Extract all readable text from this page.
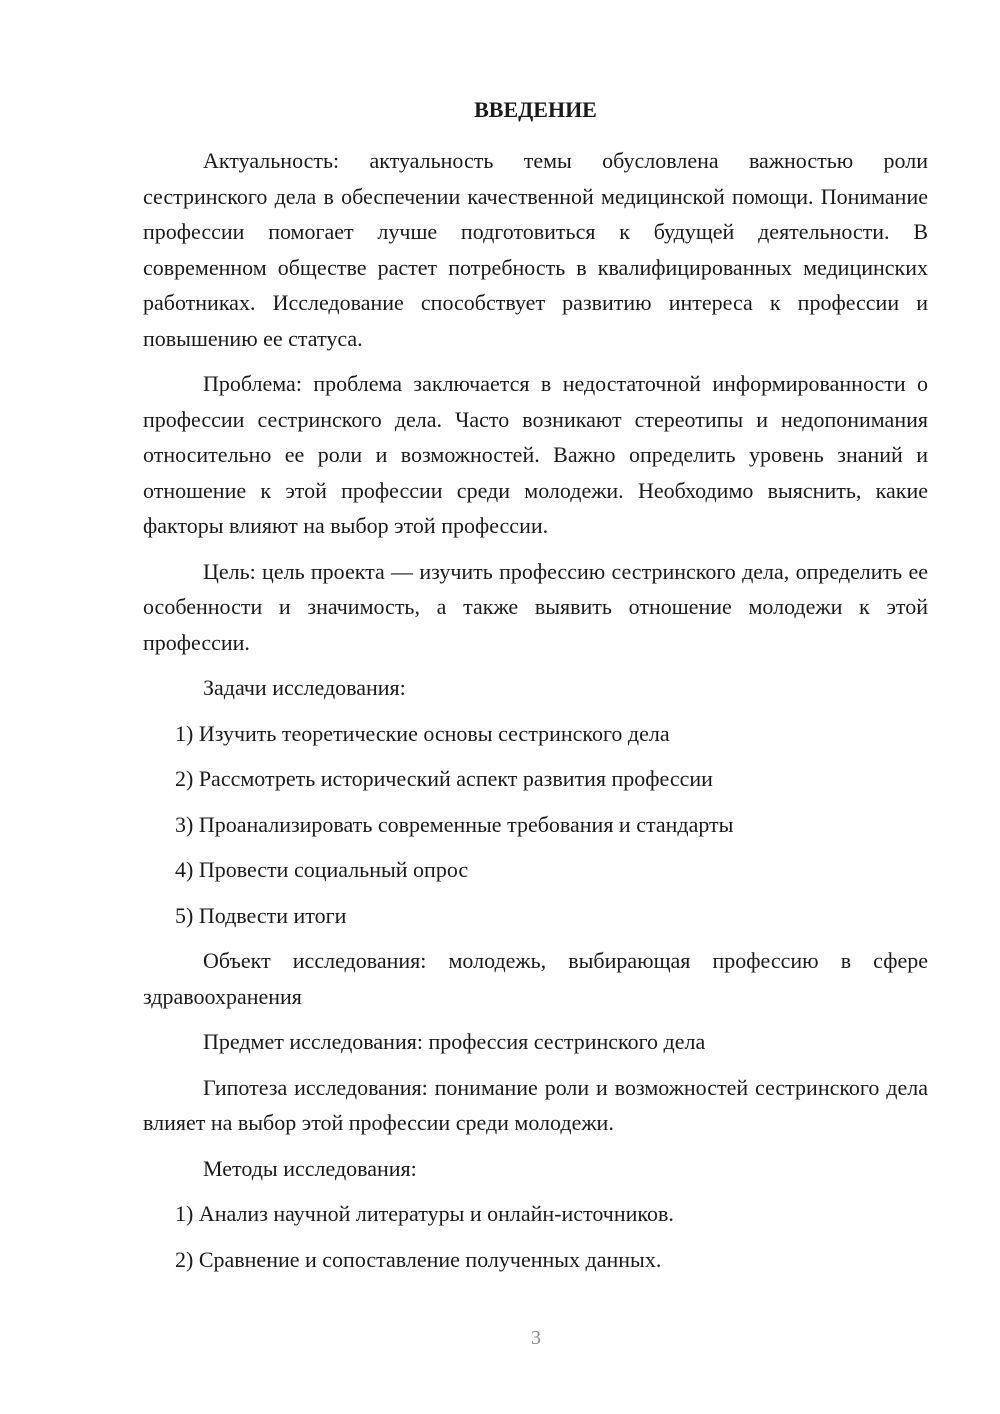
ВВЕДЕНИЕ

Актуальность: актуальность темы обусловлена важностью роли сестринского дела в обеспечении качественной медицинской помощи. Понимание профессии помогает лучше подготовиться к будущей деятельности. В современном обществе растет потребность в квалифицированных медицинских работниках. Исследование способствует развитию интереса к профессии и повышению ее статуса.

Проблема: проблема заключается в недостаточной информированности о профессии сестринского дела. Часто возникают стереотипы и недопонимания относительно ее роли и возможностей. Важно определить уровень знаний и отношение к этой профессии среди молодежи. Необходимо выяснить, какие факторы влияют на выбор этой профессии.

Цель: цель проекта — изучить профессию сестринского дела, определить ее особенности и значимость, а также выявить отношение молодежи к этой профессии.

Задачи исследования:

1) Изучить теоретические основы сестринского дела

2) Рассмотреть исторический аспект развития профессии

3) Проанализировать современные требования и стандарты

4) Провести социальный опрос

5) Подвести итоги

Объект исследования: молодежь, выбирающая профессию в сфере здравоохранения

Предмет исследования: профессия сестринского дела

Гипотеза исследования: понимание роли и возможностей сестринского дела влияет на выбор этой профессии среди молодежи.

Методы исследования:

1) Анализ научной литературы и онлайн-источников.

2) Сравнение и сопоставление полученных данных.

3
